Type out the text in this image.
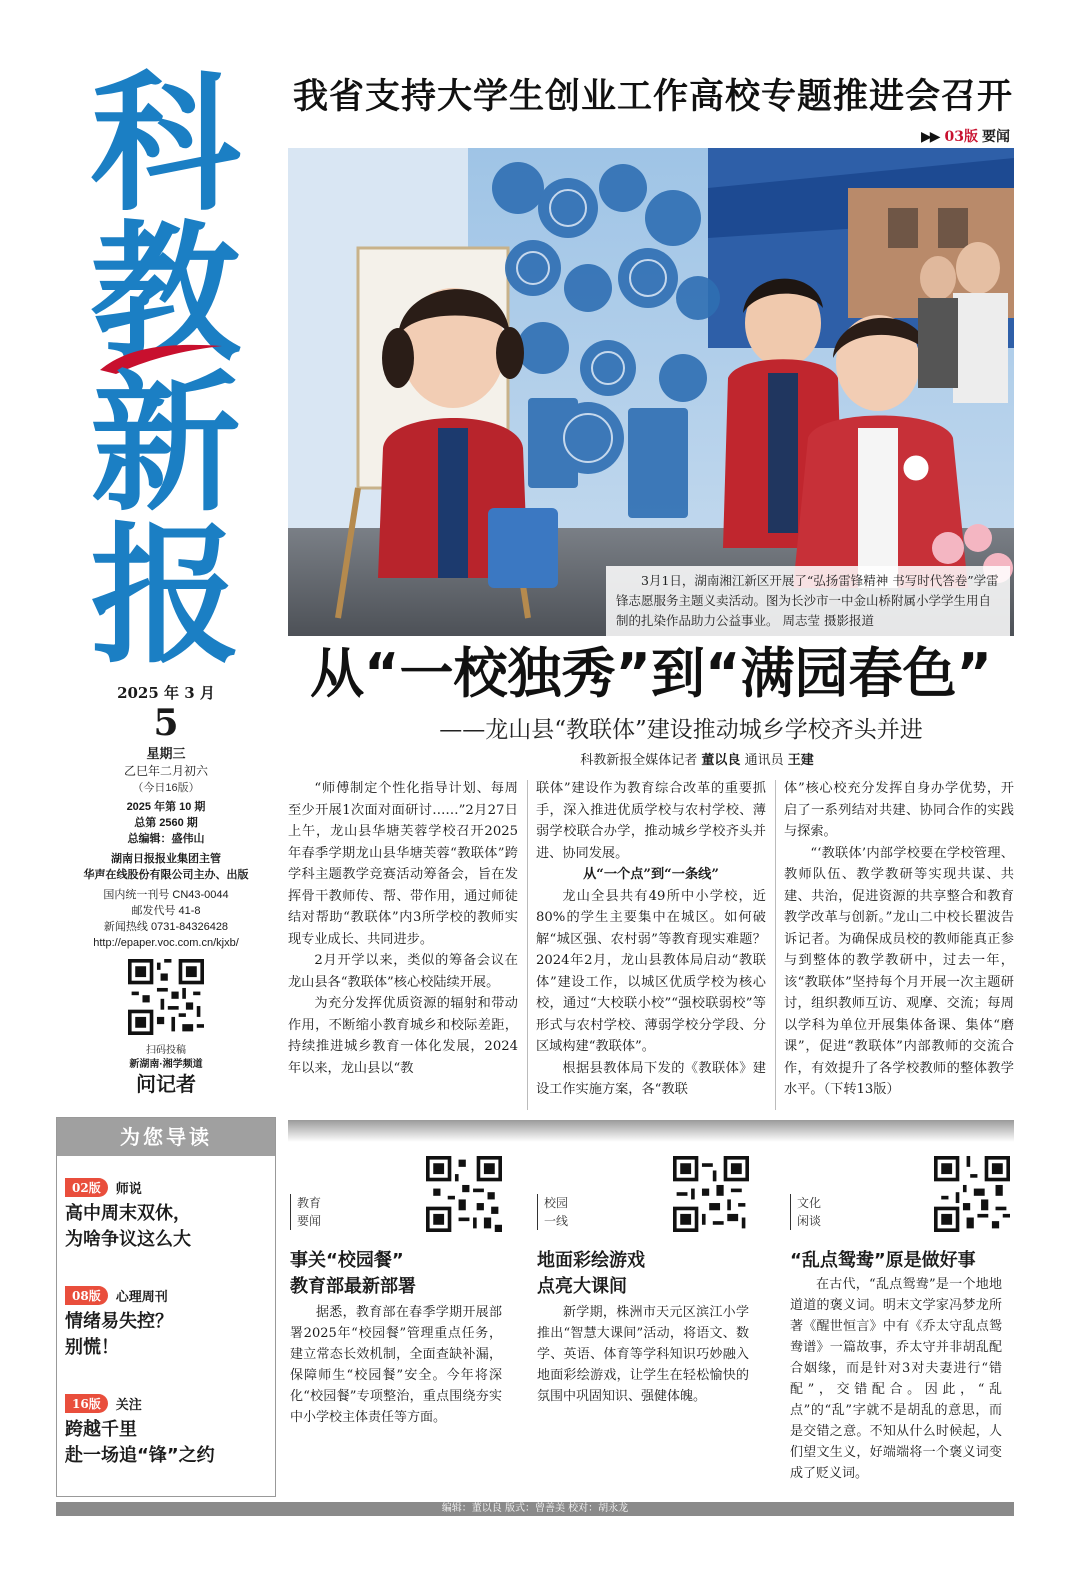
科
教
新
报
2025 年 3 月
5
星期三
乙巳年二月初六
（今日16版）
2025 年第 10 期
总第 2560 期
总编辑：盛伟山
湖南日报报业集团主管
华声在线股份有限公司主办、出版
国内统一刊号 CN43-0044
邮发代号 41-8
新闻热线 0731-84326428
http://epaper.voc.com.cn/kjxb/
扫码投稿
新湖南·湘学频道
问记者
我省支持大学生创业工作高校专题推进会召开
▶▶ 03版 要闻
3月1日，湖南湘江新区开展了“弘扬雷锋精神 书写时代答卷”学雷锋志愿服务主题义卖活动。图为长沙市一中金山桥附属小学学生用自制的扎染作品助力公益事业。 周志莹 摄影报道
从“一校独秀”到“满园春色”
——龙山县“教联体”建设推动城乡学校齐头并进
科教新报全媒体记者 董以良 通讯员 王建

“师傅制定个性化指导计划、每周至少开展1次面对面研讨……”2月27日上午，龙山县华塘芙蓉学校召开2025年春季学期龙山县华塘芙蓉“教联体”跨学科主题教学竞赛活动筹备会，旨在发挥骨干教师传、帮、带作用，通过师徒结对帮助“教联体”内3所学校的教师实现专业成长、共同进步。

2月开学以来，类似的筹备会议在龙山县各“教联体”核心校陆续开展。

为充分发挥优质资源的辐射和带动作用，不断缩小教育城乡和校际差距，持续推进城乡教育一体化发展，2024年以来，龙山县以“教

联体”建设作为教育综合改革的重要抓手，深入推进优质学校与农村学校、薄弱学校联合办学，推动城乡学校齐头并进、协同发展。

从“一个点”到“一条线”

龙山全县共有49所中小学校，近80%的学生主要集中在城区。如何破解“城区强、农村弱”等教育现实难题？2024年2月，龙山县教体局启动“教联体”建设工作，以城区优质学校为核心校，通过“大校联小校”“强校联弱校”等形式与农村学校、薄弱学校分学段、分区域构建“教联体”。

根据县教体局下发的《教联体》建设工作实施方案，各“教联

体”核心校充分发挥自身办学优势，开启了一系列结对共建、协同合作的实践与探索。

“‘教联体’内部学校要在学校管理、教师队伍、教学教研等实现共谋、共建、共治，促进资源的共享整合和教育教学改革与创新。”龙山二中校长瞿波告诉记者。为确保成员校的教师能真正参与到整体的教学教研中，过去一年，该“教联体”坚持每个月开展一次主题研讨，组织教师互访、观摩、交流；每周以学科为单位开展集体备课、集体“磨课”，促进“教联体”内部教师的交流合作，有效提升了各学校教师的整体教学水平。（下转13版）

为您导读
02版	师说
高中周末双休，
为啥争议这么大
08版	心理周刊
情绪易失控？
别慌！
16版	关注
跨越千里
赴一场追“锋”之约
教育
要闻
事关“校园餐”
教育部最新部署
据悉，教育部在春季学期开展部署2025年“校园餐”管理重点任务，建立常态长效机制，全面查缺补漏，保障师生“校园餐”安全。今年将深化“校园餐”专项整治，重点围绕夯实中小学校主体责任等方面。
校园
一线
地面彩绘游戏
点亮大课间
新学期，株洲市天元区滨江小学推出“智慧大课间”活动，将语文、数学、英语、体育等学科知识巧妙融入地面彩绘游戏，让学生在轻松愉快的氛围中巩固知识、强健体魄。
文化
闲谈
“乱点鸳鸯”原是做好事
在古代，“乱点鸳鸯”是一个地地道道的褒义词。明末文学家冯梦龙所著《醒世恒言》中有《乔太守乱点鸳鸯谱》一篇故事，乔太守并非胡乱配合姻缘，而是针对3对夫妻进行“错配”，交错配合。因此，“乱点”的“乱”字就不是胡乱的意思，而是交错之意。不知从什么时候起，人们望文生义，好端端将一个褒义词变成了贬义词。
编辑：董以良 版式：曾善美 校对：胡永龙
